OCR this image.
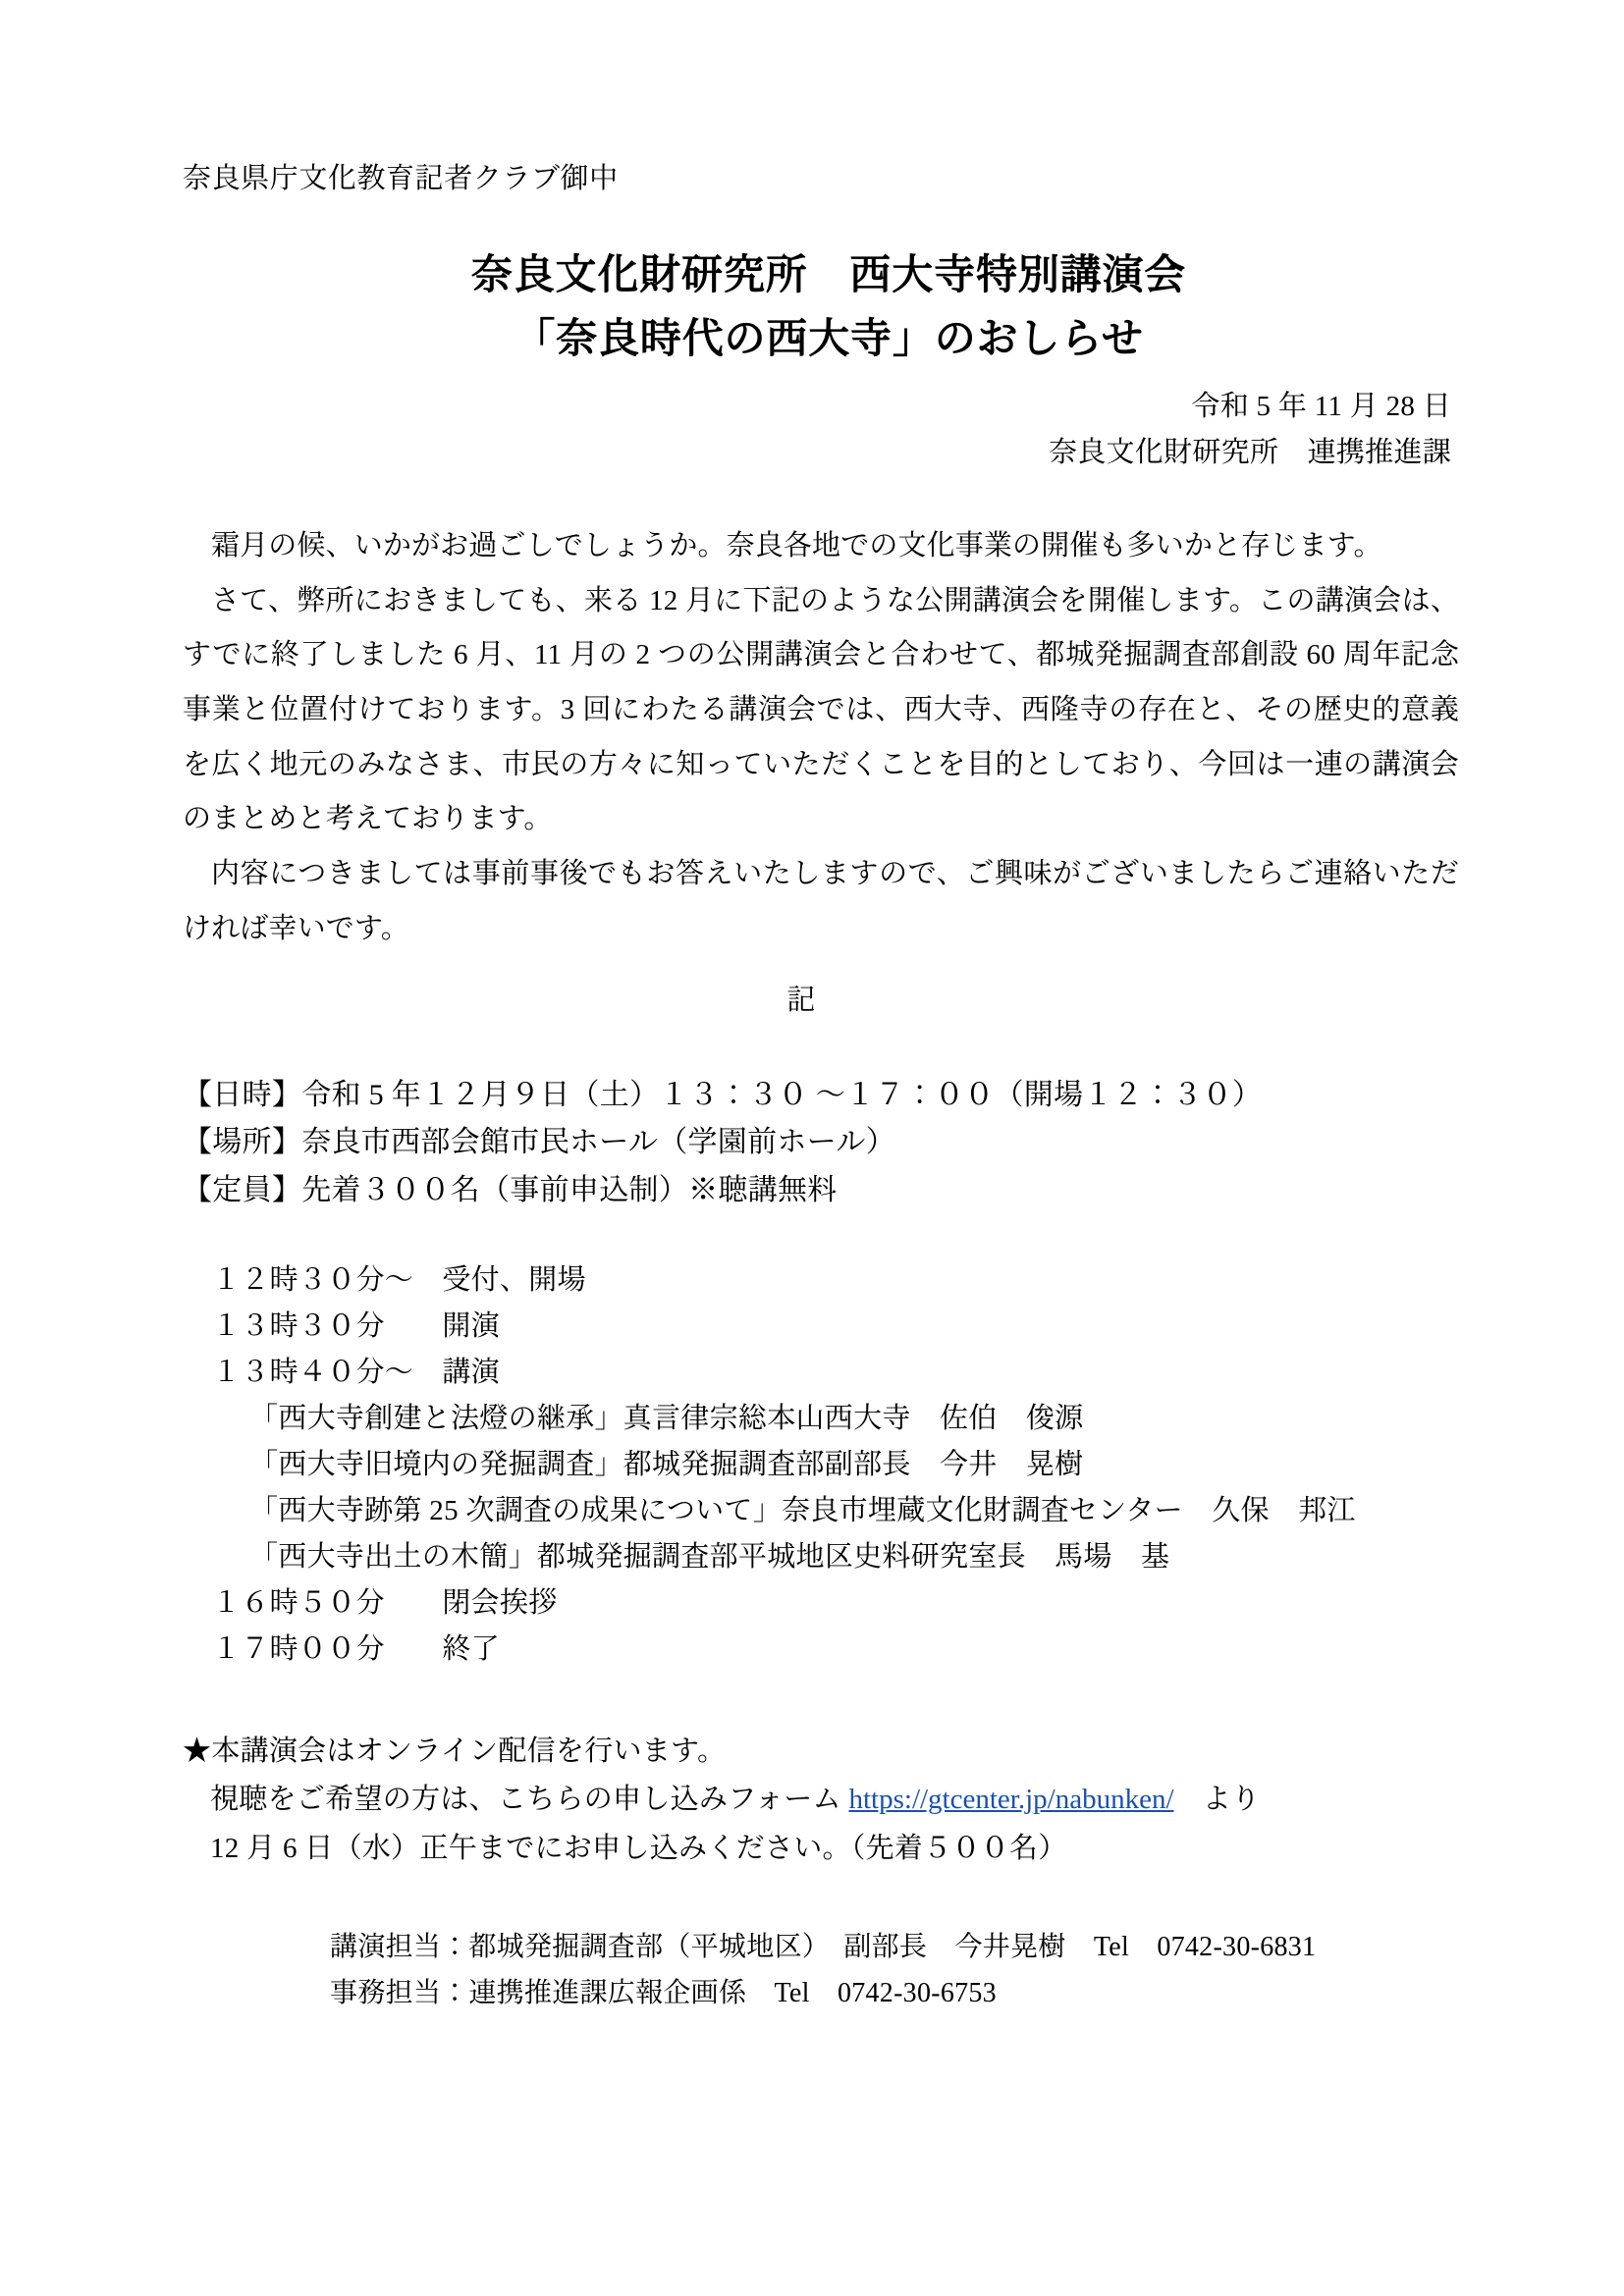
奈良県庁文化教育記者クラブ御中

奈良文化財研究所　西大寺特別講演会

「奈良時代の西大寺」のおしらせ

令和 5 年 11 月 28 日

奈良文化財研究所　連携推進課

霜月の候、いかがお過ごしでしょうか。奈良各地での文化事業の開催も多いかと存じます。

さて、弊所におきましても、来る 12 月に下記のような公開講演会を開催します。この講演会は、すでに終了しました 6 月、11 月の 2 つの公開講演会と合わせて、都城発掘調査部創設 60 周年記念事業と位置付けております。3 回にわたる講演会では、西大寺、西隆寺の存在と、その歴史的意義を広く地元のみなさま、市民の方々に知っていただくことを目的としており、今回は一連の講演会のまとめと考えております。

内容につきましては事前事後でもお答えいたしますので、ご興味がございましたらご連絡いただければ幸いです。

記

【日時】令和 5 年１２月９日（土）１３：３０ ～１７：００（開場１２：３０）

【場所】奈良市西部会館市民ホール（学園前ホール）

【定員】先着３００名（事前申込制）※聴講無料

１２時３０分～　受付、開場

１３時３０分　　開演

１３時４０分～　講演

「西大寺創建と法燈の継承」真言律宗総本山西大寺　佐伯　俊源

「西大寺旧境内の発掘調査」都城発掘調査部副部長　今井　晃樹

「西大寺跡第 25 次調査の成果について」奈良市埋蔵文化財調査センター　久保　邦江

「西大寺出土の木簡」都城発掘調査部平城地区史料研究室長　馬場　基

１６時５０分　　閉会挨拶

１７時００分　　終了

★本講演会はオンライン配信を行います。

視聴をご希望の方は、こちらの申し込みフォーム https://gtcenter.jp/nabunken/　より

12 月 6 日（水）正午までにお申し込みください。（先着５００名）

講演担当：都城発掘調査部（平城地区）　副部長　今井晃樹　Tel　0742-30-6831

事務担当：連携推進課広報企画係　Tel　0742-30-6753
